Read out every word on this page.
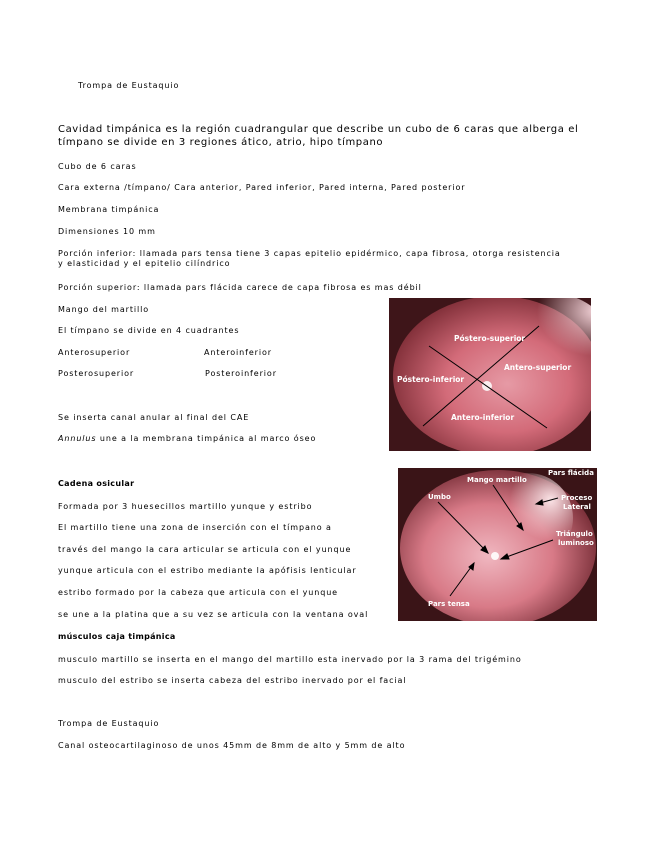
Trompa de Eustaquio
Cavidad timpánica es la región cuadrangular que describe un cubo de 6 caras que alberga el tímpano se divide en 3 regiones ático, atrio, hipo tímpano
Cubo de 6 caras
Cara externa /tímpano/ Cara anterior, Pared inferior, Pared interna, Pared posterior
Membrana timpánica
Dimensiones 10 mm
Porción inferior: llamada pars tensa tiene 3 capas epitelio epidérmico, capa fibrosa, otorga resistencia y elasticidad y el epitelio cilíndrico
Porción superior: llamada pars flácida carece de capa fibrosa es mas débil
Mango del martillo
El tímpano se divide en 4 cuadrantes
Anterosuperior	Anteroinferior
Posterosuperior	Posteroinferior
Se inserta canal anular al final del CAE
Annulus une a la membrana timpánica al marco óseo
Cadena osicular
Formada por 3 huesecillos martillo yunque y estribo
El martillo tiene una zona de inserción con el tímpano a
través del mango la cara articular se articula con el yunque
yunque articula con el estribo mediante la apófisis lenticular
estribo formado por la cabeza que articula con el yunque
se une a la platina que a su vez se articula con la ventana oval
músculos caja timpánica
musculo martillo se inserta en el mango del martillo esta inervado por la 3 rama del trigémino
musculo del estribo se inserta cabeza del estribo inervado por el facial
Trompa de Eustaquio
Canal osteocartilaginoso de unos 45mm de 8mm de alto y 5mm de alto
Póstero-superior
Antero-superior
Póstero-inferior
Antero-inferior
Pars flácida
Mango martillo
Umbo	Proceso
Lateral
Triángulo
luminoso
Pars tensa
